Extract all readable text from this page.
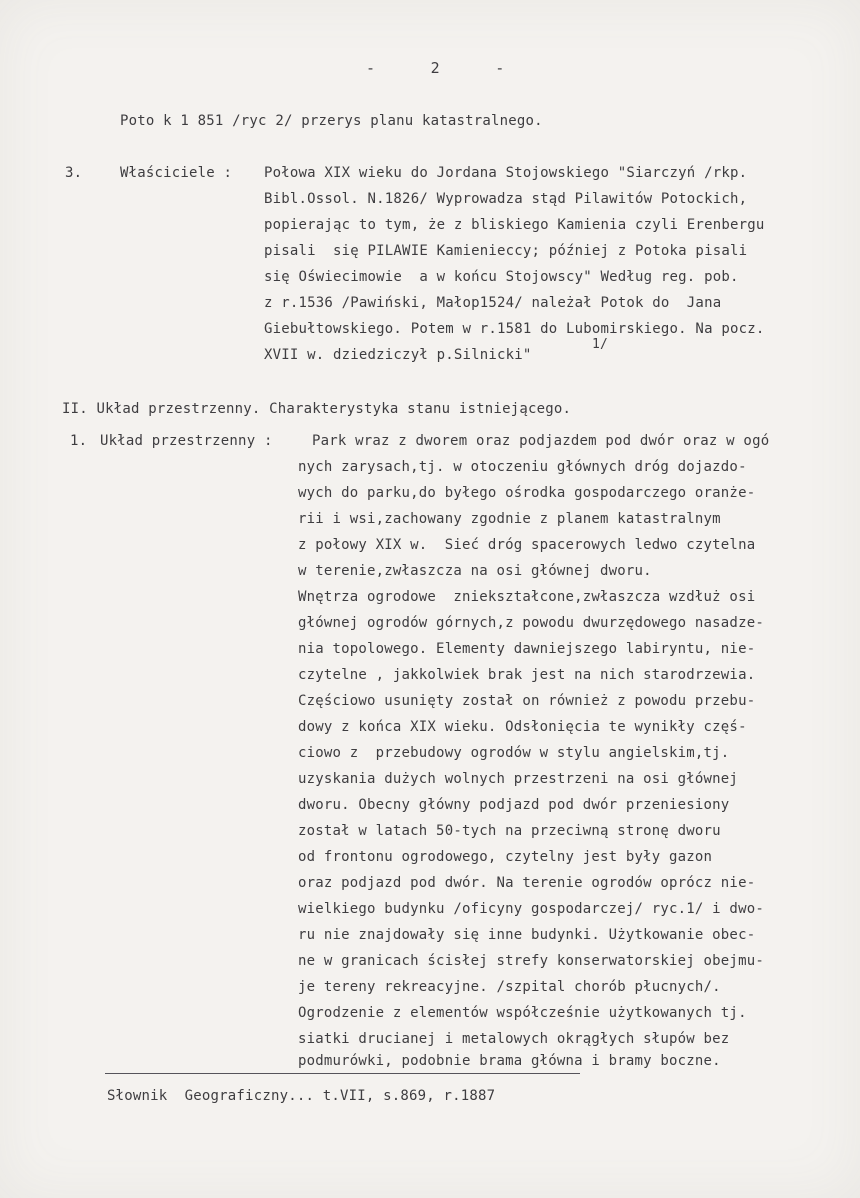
-      2      -
Poto k 1 851 /ryc 2/ przerys planu katastralnego.
3.	Właściciele : Połowa XIX wieku do Jordana Stojowskiego "Siarczyń /rkp.
Bibl.Ossol. N.1826/ Wyprowadza stąd Pilawitów Potockich,
popierając to tym, że z bliskiego Kamienia czyli Erenbergu
pisali  się PILAWIE Kamienieccy; później z Potoka pisali
się Oświecimowie  a w końcu Stojowscy" Według reg. pob.
z r.1536 /Pawiński, Małop1524/ należał Potok do  Jana
Giebułtowskiego. Potem w r.1581 do Lubomirskiego. Na pocz.
XVII w. dziedziczył p.Silnicki"
1/
II. Układ przestrzenny. Charakterystyka stanu istniejącego.
1. Układ przestrzenny :	Park wraz z dworem oraz podjazdem pod dwór oraz w ogó
nych zarysach,tj. w otoczeniu głównych dróg dojazdo-
wych do parku,do byłego ośrodka gospodarczego oranże-
rii i wsi,zachowany zgodnie z planem katastralnym
z połowy XIX w.  Sieć dróg spacerowych ledwo czytelna
w terenie,zwłaszcza na osi głównej dworu.
Wnętrza ogrodowe  zniekształcone,zwłaszcza wzdłuż osi
głównej ogrodów górnych,z powodu dwurzędowego nasadze-
nia topolowego. Elementy dawniejszego labiryntu, nie-
czytelne , jakkolwiek brak jest na nich starodrzewia.
Częściowo usunięty został on również z powodu przebu-
dowy z końca XIX wieku. Odsłonięcia te wynikły częś-
ciowo z  przebudowy ogrodów w stylu angielskim,tj.
uzyskania dużych wolnych przestrzeni na osi głównej
dworu. Obecny główny podjazd pod dwór przeniesiony
został w latach 50-tych na przeciwną stronę dworu
od frontonu ogrodowego, czytelny jest były gazon
oraz podjazd pod dwór. Na terenie ogrodów oprócz nie-
wielkiego budynku /oficyny gospodarczej/ ryc.1/ i dwo-
ru nie znajdowały się inne budynki. Użytkowanie obec-
ne w granicach ścisłej strefy konserwatorskiej obejmu-
je tereny rekreacyjne. /szpital chorób płucnych/.
Ogrodzenie z elementów współcześnie użytkowanych tj.
siatki drucianej i metalowych okrągłych słupów bez
podmurówki, podobnie brama główna i bramy boczne.
Słownik  Geograficzny... t.VII, s.869, r.1887
